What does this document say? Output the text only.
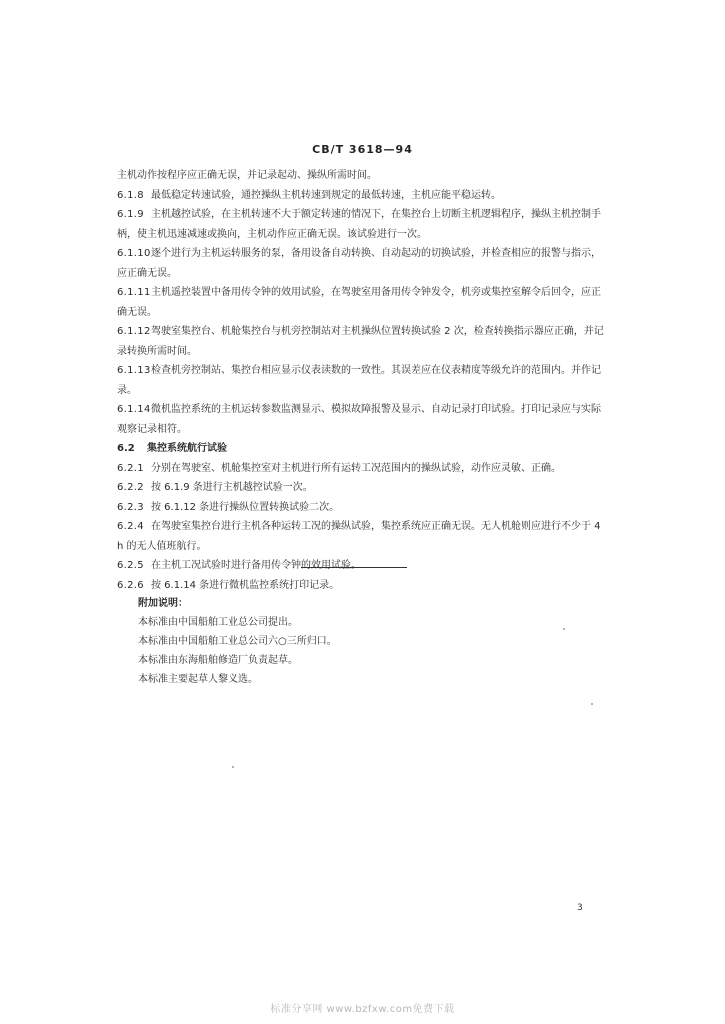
CB/T 3618—94

主机动作按程序应正确无误，并记录起动、操纵所需时间。

6.1.8 最低稳定转速试验，通控操纵主机转速到规定的最低转速，主机应能平稳运转。

6.1.9 主机越控试验，在主机转速不大于额定转速的情况下，在集控台上切断主机逻辑程序，操纵主机控制手柄，使主机迅速减速或换向，主机动作应正确无误。该试验进行一次。

6.1.10逐个进行为主机运转服务的泵，备用设备自动转换、自动起动的切换试验，并检查相应的报警与指示，应正确无误。

6.1.11主机遥控装置中备用传令钟的效用试验，在驾驶室用备用传令钟发令，机旁或集控室解令后回令，应正确无误。

6.1.12驾驶室集控台、机舱集控台与机旁控制站对主机操纵位置转换试验 2 次，检查转换指示器应正确，并记录转换所需时间。

6.1.13检查机旁控制站、集控台相应显示仪表读数的一致性。其误差应在仪表精度等级允许的范围内。并作记录。

6.1.14微机监控系统的主机运转参数监测显示、模拟故障报警及显示、自动记录打印试验。打印记录应与实际观察记录相符。

6.2 集控系统航行试验

6.2.1 分别在驾驶室、机舱集控室对主机进行所有运转工况范围内的操纵试验，动作应灵敏、正确。

6.2.2 按 6.1.9 条进行主机越控试验一次。

6.2.3 按 6.1.12 条进行操纵位置转换试验二次。

6.2.4 在驾驶室集控台进行主机各种运转工况的操纵试验，集控系统应正确无误。无人机舱则应进行不少于 4 h 的无人值班航行。

6.2.5 在主机工况试验时进行备用传令钟的效用试验。

6.2.6 按 6.1.14 条进行微机监控系统打印记录。

附加说明：

本标准由中国船舶工业总公司提出。

本标准由中国船舶工业总公司六○三所归口。

本标准由东海船舶修造厂负责起草。

本标准主要起草人黎义选。

3
标准分享网 www.bzfxw.com免费下载
